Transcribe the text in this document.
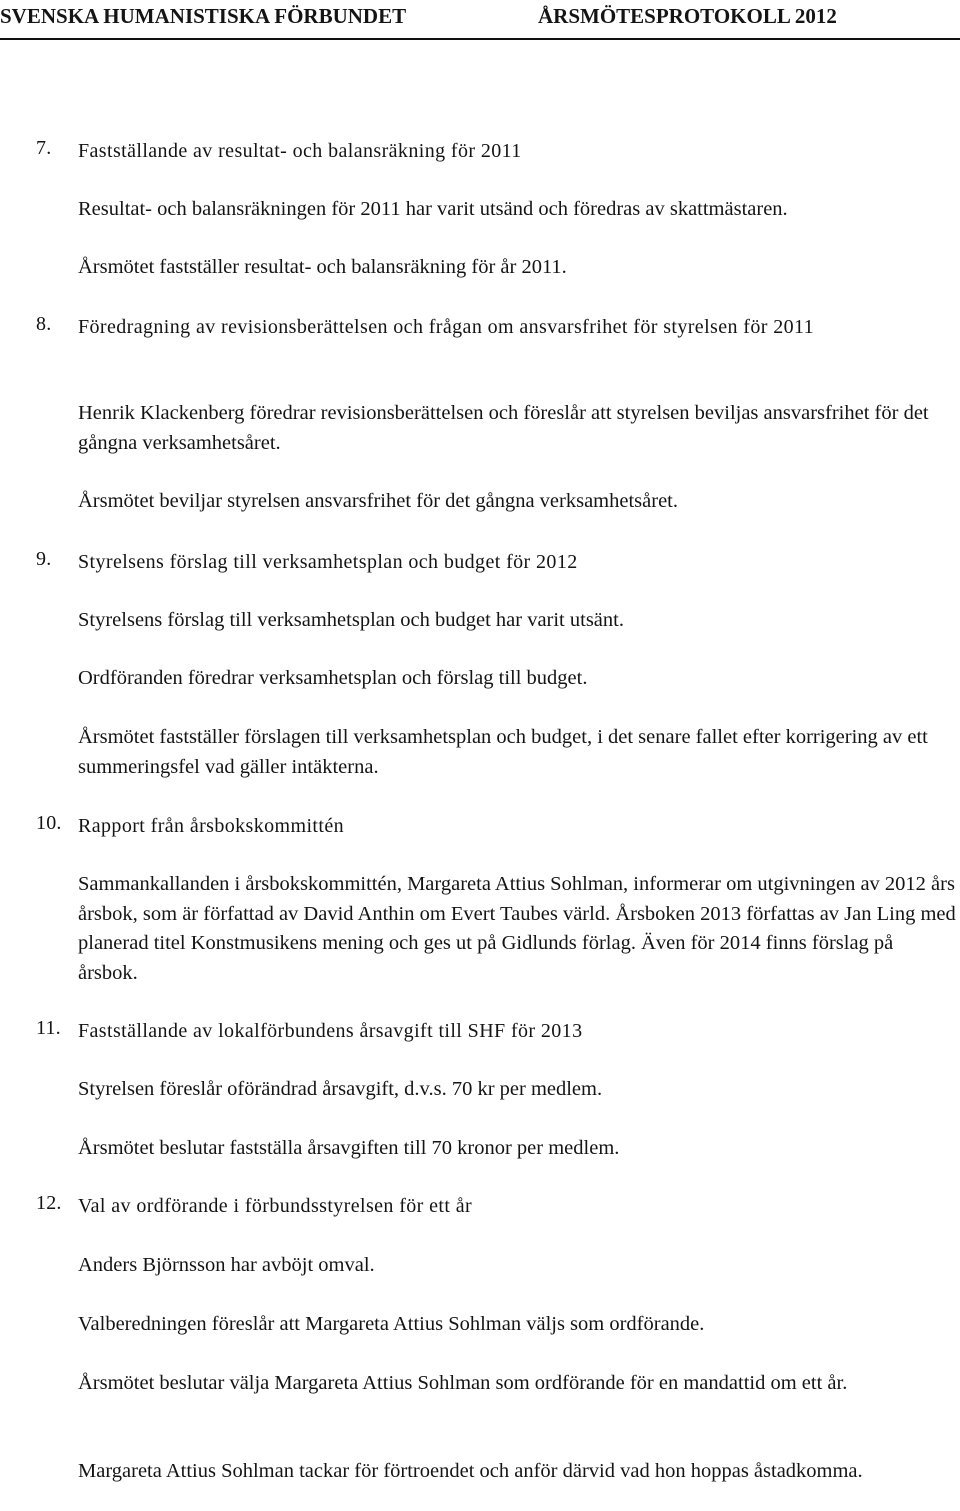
SVENSKA HUMANISTISKA FÖRBUNDET	ÅRSMÖTESPROTOKOLL 2012
7. Fastställande av resultat- och balansräkning för 2011
Resultat- och balansräkningen för 2011 har varit utsänd och föredras av skattmästaren.
Årsmötet fastställer resultat- och balansräkning för år 2011.
8. Föredragning av revisionsberättelsen och frågan om ansvarsfrihet för styrelsen för 2011
Henrik Klackenberg föredrar revisionsberättelsen och föreslår att styrelsen beviljas ansvarsfrihet för det gångna verksamhetsåret.
Årsmötet beviljar styrelsen ansvarsfrihet för det gångna verksamhetsåret.
9. Styrelsens förslag till verksamhetsplan och budget för 2012
Styrelsens förslag till verksamhetsplan och budget har varit utsänt.
Ordföranden föredrar verksamhetsplan och förslag till budget.
Årsmötet fastställer förslagen till verksamhetsplan och budget, i det senare fallet efter korrigering av ett summeringsfel vad gäller intäkterna.
10. Rapport från årsbokskommittén
Sammankallanden i årsbokskommittén, Margareta Attius Sohlman, informerar om utgivningen av 2012 års årsbok, som är författad av David Anthin om Evert Taubes värld. Årsboken 2013 författas av Jan Ling med planerad titel Konstmusikens mening och ges ut på Gidlunds förlag. Även för 2014 finns förslag på årsbok.
11. Fastställande av lokalförbundens årsavgift till SHF för 2013
Styrelsen föreslår oförändrad årsavgift, d.v.s. 70 kr per medlem.
Årsmötet beslutar fastställa årsavgiften till 70 kronor per medlem.
12. Val av ordförande i förbundsstyrelsen för ett år
Anders Björnsson har avböjt omval.
Valberedningen föreslår att Margareta Attius Sohlman väljs som ordförande.
Årsmötet beslutar välja Margareta Attius Sohlman som ordförande för en mandattid om ett år.
Margareta Attius Sohlman tackar för förtroendet och anför därvid vad hon hoppas åstadkomma.
